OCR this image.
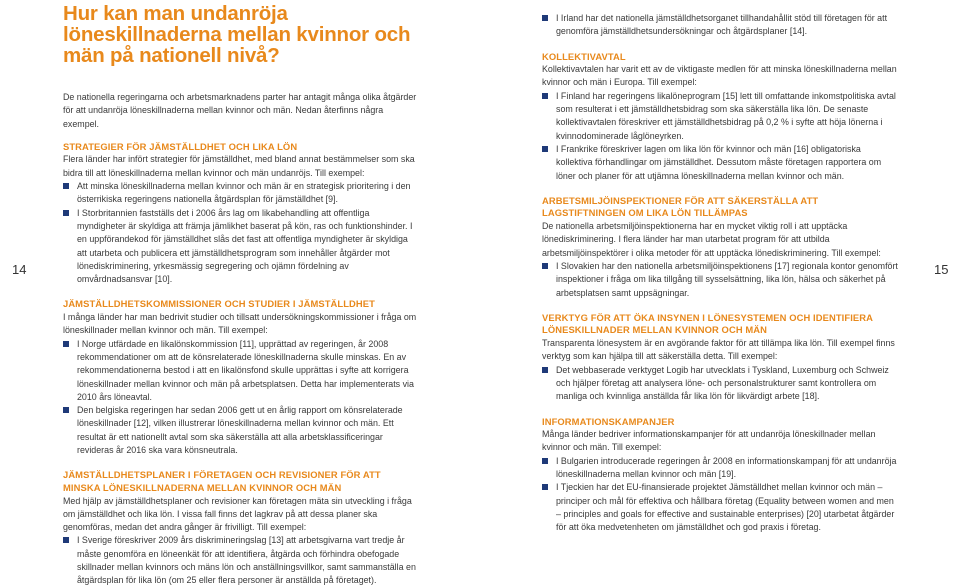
14	15
Hur kan man undanröja löneskillnaderna mellan kvinnor och män på nationell nivå?

De nationella regeringarna och arbetsmarknadens parter har antagit många olika åtgärder för att undanröja löneskillnaderna mellan kvinnor och män. Nedan återfinns några exempel.

STRATEGIER FÖR JÄMSTÄLLDHET OCH LIKA LÖN

Flera länder har infört strategier för jämställdhet, med bland annat bestämmelser som ska bidra till att löneskillnaderna mellan kvinnor och män undanröjs. Till exempel:

Att minska löneskillnaderna mellan kvinnor och män är en strategisk prioritering i den österrikiska regeringens nationella åtgärdsplan för jämställdhet [9].
I Storbritannien fastställs det i 2006 års lag om likabehandling att offentliga myndigheter är skyldiga att främja jämlikhet baserat på kön, ras och funktionshinder. I en uppförandekod för jämställdhet slås det fast att offentliga myndigheter är skyldiga att utarbeta och publicera ett jämställdhetsprogram som innehåller åtgärder mot lönediskriminering, yrkesmässig segregering och ojämn fördelning av omvårdnadsansvar [10].
JÄMSTÄLLDHETSKOMMISSIONER OCH STUDIER I JÄMSTÄLLDHET

I många länder har man bedrivit studier och tillsatt undersökningskommissioner i fråga om löneskillnader mellan kvinnor och män. Till exempel:

I Norge utfärdade en likalönskommission [11], upprättad av regeringen, år 2008 rekommendationer om att de könsrelaterade löneskillnaderna skulle minskas. En av rekommendationerna bestod i att en likalönsfond skulle upprättas i syfte att korrigera löneskillnader mellan kvinnor och män på arbetsplatsen. Detta har implementerats via 2010 års löneavtal.
Den belgiska regeringen har sedan 2006 gett ut en årlig rapport om könsrelaterade löneskillnader [12], vilken illustrerar löneskillnaderna mellan kvinnor och män. Ett resultat är ett nationellt avtal som ska säkerställa att alla arbetsklassificeringar revideras år 2016 ska vara könsneutrala.
JÄMSTÄLLDHETSPLANER I FÖRETAGEN OCH REVISIONER FÖR ATT MINSKA LÖNESKILLNADERNA MELLAN KVINNOR OCH MÄN

Med hjälp av jämställdhetsplaner och revisioner kan företagen mäta sin utveckling i fråga om jämställdhet och lika lön. I vissa fall finns det lagkrav på att dessa planer ska genomföras, medan det andra gånger är frivilligt. Till exempel:

I Sverige föreskriver 2009 års diskrimineringslag [13] att arbetsgivarna vart tredje år måste genomföra en löneenkät för att identifiera, åtgärda och förhindra obefogade skillnader mellan kvinnors och mäns lön och anställningsvillkor, samt sammanställa en åtgärdsplan för lika lön (om 25 eller flera personer är anställda på företaget).
I Irland har det nationella jämställdhetsorganet tillhandahållit stöd till företagen för att genomföra jämställdhetsundersökningar och åtgärdsplaner [14].
KOLLEKTIVAVTAL

Kollektivavtalen har varit ett av de viktigaste medlen för att minska löneskillnaderna mellan kvinnor och män i Europa. Till exempel:

I Finland har regeringens likalöneprogram [15] lett till omfattande inkomstpolitiska avtal som resulterat i ett jämställdhetsbidrag som ska säkerställa lika lön. De senaste kollektivavtalen föreskriver ett jämställdhetsbidrag på 0,2 % i syfte att höja lönerna i kvinnodominerade låglöneyrken.
I Frankrike föreskriver lagen om lika lön för kvinnor och män [16] obligatoriska kollektiva förhandlingar om jämställdhet. Dessutom måste företagen rapportera om löner och planer för att utjämna löneskillnaderna mellan kvinnor och män.
ARBETSMILJÖINSPEKTIONER FÖR ATT SÄKERSTÄLLA ATT LAGSTIFTNINGEN OM LIKA LÖN TILLÄMPAS

De nationella arbetsmiljöinspektionerna har en mycket viktig roll i att upptäcka lönediskriminering. I flera länder har man utarbetat program för att utbilda arbetsmiljöinspektörer i olika metoder för att upptäcka lönediskriminering. Till exempel:

I Slovakien har den nationella arbetsmiljöinspektionens [17] regionala kontor genomfört inspektioner i fråga om lika tillgång till sysselsättning, lika lön, hälsa och säkerhet på arbetsplatsen samt uppsägningar.
VERKTYG FÖR ATT ÖKA INSYNEN I LÖNESYSTEMEN OCH IDENTIFIERA LÖNESKILLNADER MELLAN KVINNOR OCH MÄN

Transparenta lönesystem är en avgörande faktor för att tillämpa lika lön. Till exempel finns verktyg som kan hjälpa till att säkerställa detta. Till exempel:

Det webbaserade verktyget Logib har utvecklats i Tyskland, Luxemburg och Schweiz och hjälper företag att analysera löne- och personalstrukturer samt kontrollera om manliga och kvinnliga anställda får lika lön för likvärdigt arbete [18].
INFORMATIONSKAMPANJER

Många länder bedriver informationskampanjer för att undanröja löneskillnader mellan kvinnor och män. Till exempel:

I Bulgarien introducerade regeringen år 2008 en informationskampanj för att undanröja löneskillnaderna mellan kvinnor och män [19].
I Tjeckien har det EU-finansierade projektet Jämställdhet mellan kvinnor och män – principer och mål för effektiva och hållbara företag (Equality between women and men – principles and goals for effective and sustainable enterprises) [20] utarbetat åtgärder för att öka medvetenheten om jämställdhet och god praxis i företag.
